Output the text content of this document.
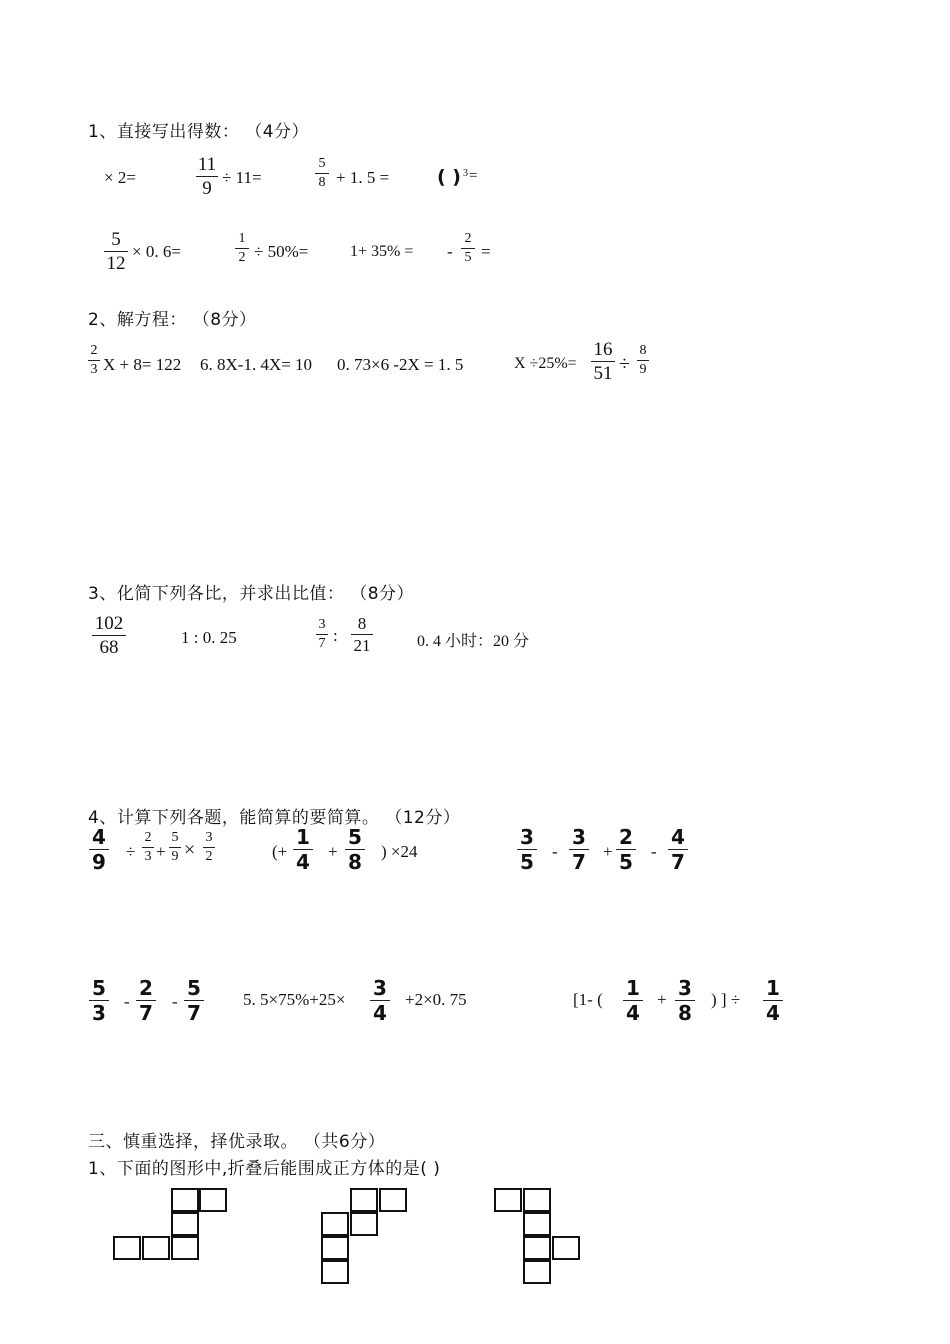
1、直接写出得数： （4分）
× 2=
11
9
÷ 11=
5
8 + 1. 5 =	( ) 3 =
5
12
× 0. 6=
1
2 ÷ 50%=	1+ 35% = -
2
5 =
2、解方程： （8分）
2
3 X + 8= 122 6. 8X-1. 4X= 10 0. 73×6 -2X = 1. 5	X ÷25%=
16
51 ÷
8
9
3、化简下列各比，并求出比值： （8分）
102
68	1 : 0. 25
3
7 :
8
21	0. 4 小时：20 分
4、计算下列各题，能简算的要简算。 （12分）
4
9 ÷
2
3 +
5
9 ×
3
2	(+
1
4 +
5
8 ) ×24
3
5 -
3
7 +
2
5 -
4
7
5
3 -
2
7 -
5
7
5. 5×75%+25× 3
4
+2×0. 75	[1- ( 1
4
+ 3
8
) ] ÷ 1
4
三、慎重选择，择优录取。 （共6分）
1、下面的图形中,折叠后能围成正方体的是( )
